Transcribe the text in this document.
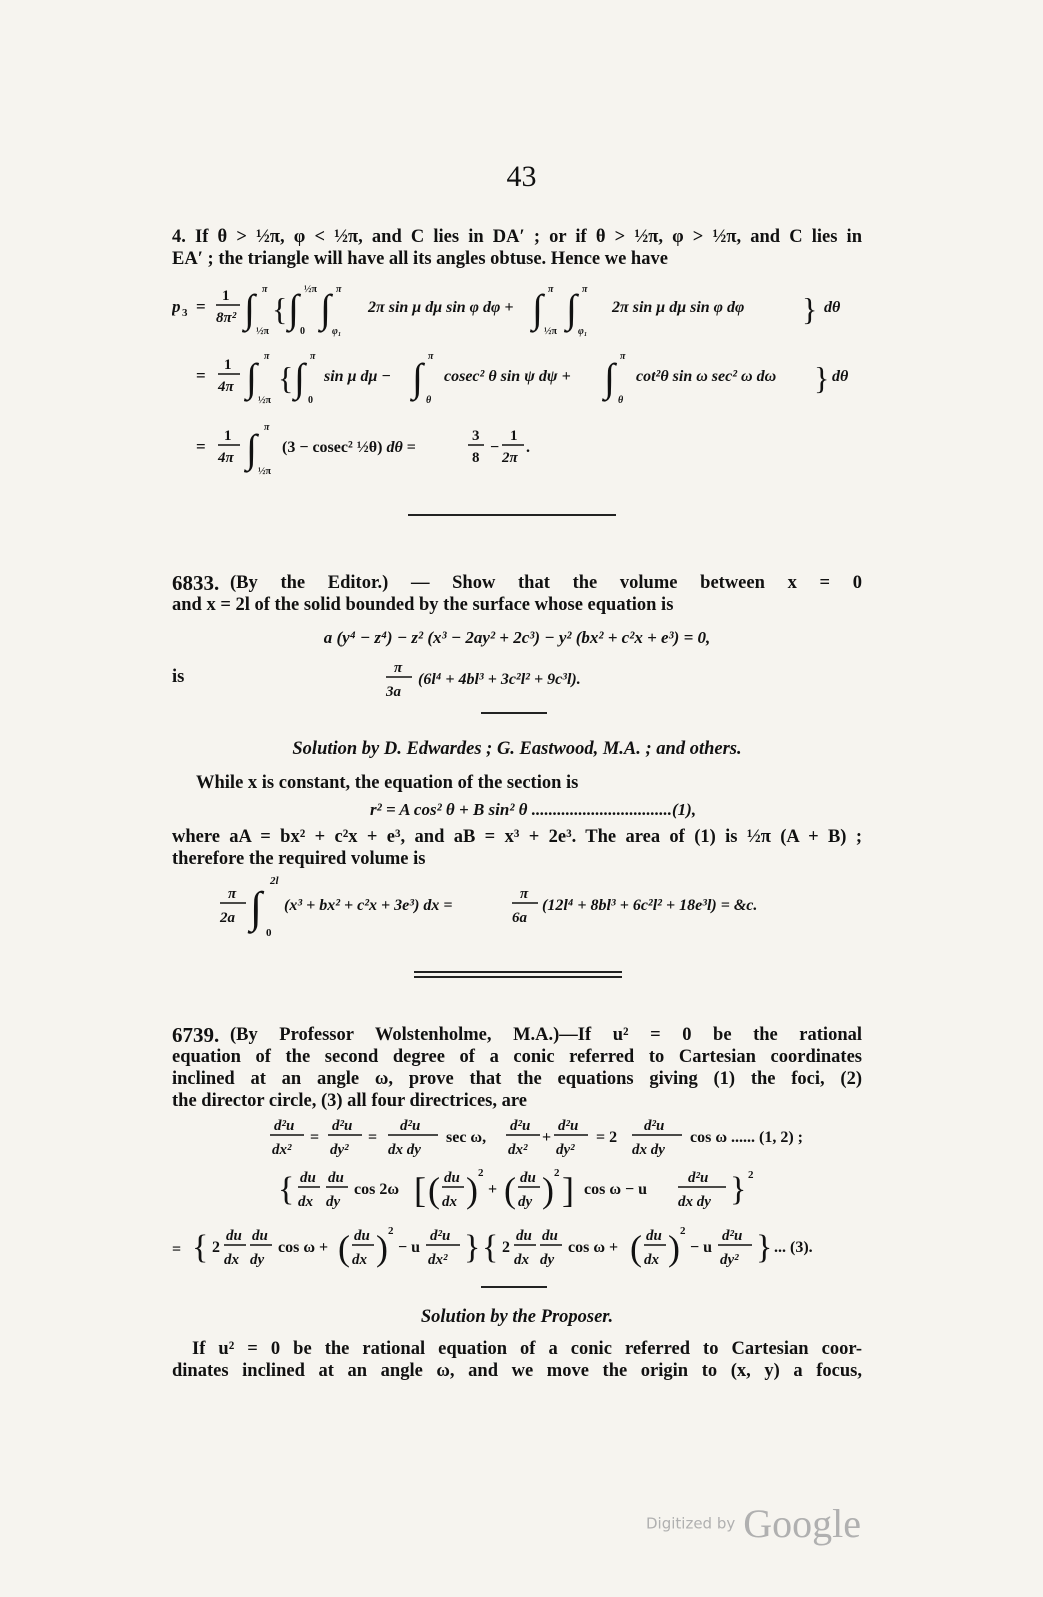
43
4. If θ > ½π, φ < ½π, and C lies in DA′ ; or if θ > ½π, φ > ½π, and C lies in
EA′ ; the triangle will have all its angles obtuse. Hence we have
p 3 =
1
8π² ∫ π
½π
{ ∫ ½π
0
∫ π
φ₁
2π sin μ dμ sin φ dφ + ∫ π
½π
∫ π
φ₁
2π sin μ dμ sin φ dφ } dθ
=
1
4π ∫ π
½π
{ ∫ π
0
sin μ dμ − ∫ π
θ
cosec² θ sin ψ dψ + ∫ π
θ
cot²θ sin ω sec² ω dω } dθ
=
1
4π ∫ π
½π
(3 − cosec² ½θ) dθ =
3
8
−
1
2π
.
6833. (By the Editor.) — Show that the volume between x = 0
and x = 2l of the solid bounded by the surface whose equation is
a (y⁴ − z⁴) − z² (x³ − 2ay² + 2c³) − y² (bx² + c²x + e³) = 0,
is	π
3a
(6l⁴ + 4bl³ + 3c²l² + 9c³l).
Solution by D. Edwardes ; G. Eastwood, M.A. ; and others.
While x is constant, the equation of the section is
r² = A cos² θ + B sin² θ .................................(1),
where aA = bx² + c²x + e³, and aB = x³ + 2e³. The area of (1) is ½π (A + B) ;
therefore the required volume is
π
2a ∫
2l
0
(x³ + bx² + c²x + 3e³) dx =
π
6a
(12l⁴ + 8bl³ + 6c²l² + 18e³l) = &c.
6739. (By Professor Wolstenholme, M.A.)—If u² = 0 be the rational
equation of the second degree of a conic referred to Cartesian coordinates
inclined at an angle ω, prove that the equations giving (1) the foci, (2)
the director circle, (3) all four directrices, are
d²u
dx²
=
d²u
dy²
=
d²u
dx dy
sec ω,
d²u
dx²
+
d²u
dy²
= 2
d²u
dx dy
cos ω ...... (1, 2) ;
{ du
dx
du
dy
cos 2ω [ ( du
dx ) 2
+ ( du
dy ) 2 ] cos ω − u
d²u
dx dy } 2
= { 2
du
dx
du
dy
cos ω + ( du
dx ) 2
− u
d²u
dx² } { 2
du
dx
du
dy
cos ω + ( du
dx ) 2
− u
d²u
dy² } ... (3).
Solution by the Proposer.
If u² = 0 be the rational equation of a conic referred to Cartesian coor-
dinates inclined at an angle ω, and we move the origin to (x, y) a focus,
Digitized by Google
